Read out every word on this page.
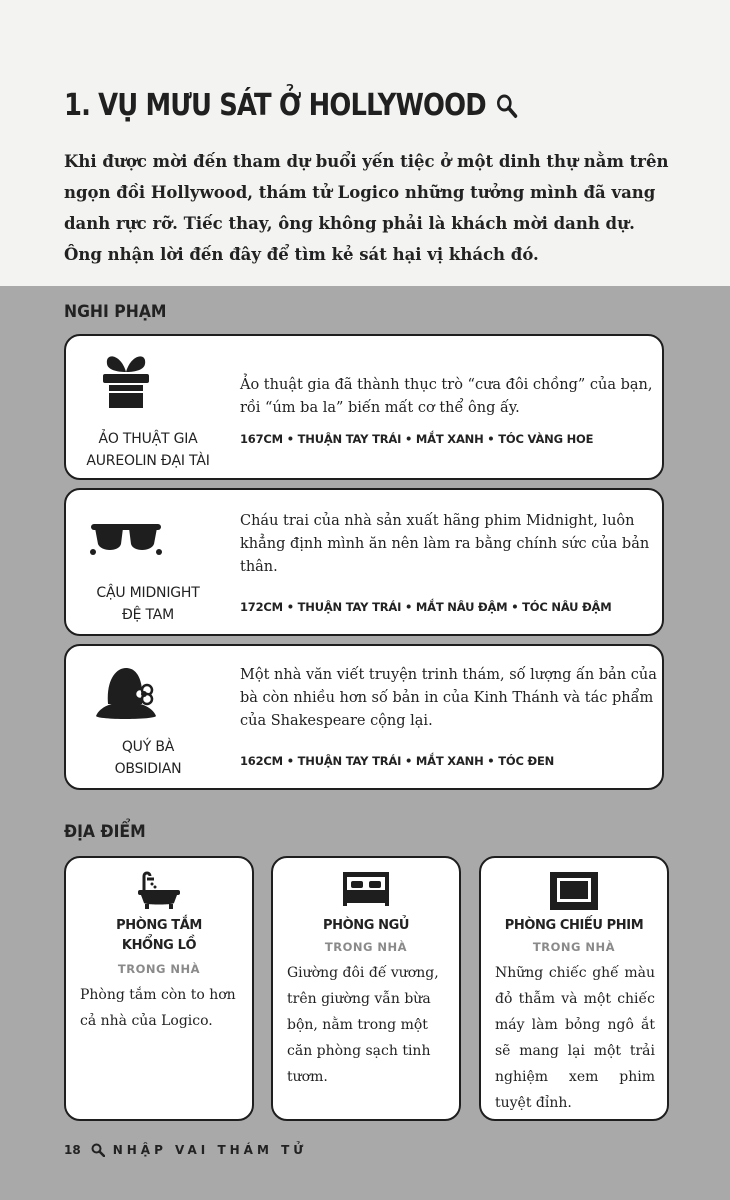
1. VỤ MƯU SÁT Ở HOLLYWOOD

Khi được mời đến tham dự buổi yến tiệc ở một dinh thự nằm trên ngọn đồi Hollywood, thám tử Logico những tưởng mình đã vang danh rực rỡ. Tiếc thay, ông không phải là khách mời danh dự. Ông nhận lời đến đây để tìm kẻ sát hại vị khách đó.

NGHI PHẠM
ẢO THUẬT GIA
AUREOLIN ĐẠI TÀI

Ảo thuật gia đã thành thục trò “cưa đôi chồng” của bạn, rồi “úm ba la” biến mất cơ thể ông ấy.

167CM • THUẬN TAY TRÁI • MẮT XANH • TÓC VÀNG HOE

CẬU MIDNIGHT
ĐỆ TAM

Cháu trai của nhà sản xuất hãng phim Midnight, luôn khẳng định mình ăn nên làm ra bằng chính sức của bản thân.

172CM • THUẬN TAY TRÁI • MẮT NÂU ĐẬM • TÓC NÂU ĐẬM

QUÝ BÀ
OBSIDIAN

Một nhà văn viết truyện trinh thám, số lượng ấn bản của bà còn nhiều hơn số bản in của Kinh Thánh và tác phẩm của Shakespeare cộng lại.

162CM • THUẬN TAY TRÁI • MẮT XANH • TÓC ĐEN

ĐỊA ĐIỂM
PHÒNG TẮM
KHỔNG LỒ
TRONG NHÀ

Phòng tắm còn to hơn cả nhà của Logico.

PHÒNG NGỦ
TRONG NHÀ

Giường đôi đế vương, trên giường vẫn bừa bộn, nằm trong một căn phòng sạch tinh tươm.

PHÒNG CHIẾU PHIM
TRONG NHÀ

Những chiếc ghế màu đỏ thẫm và một chiếc máy làm bỏng ngô ắt sẽ mang lại một trải nghiệm xem phim tuyệt đỉnh.

18	NHẬP VAI THÁM TỬ
